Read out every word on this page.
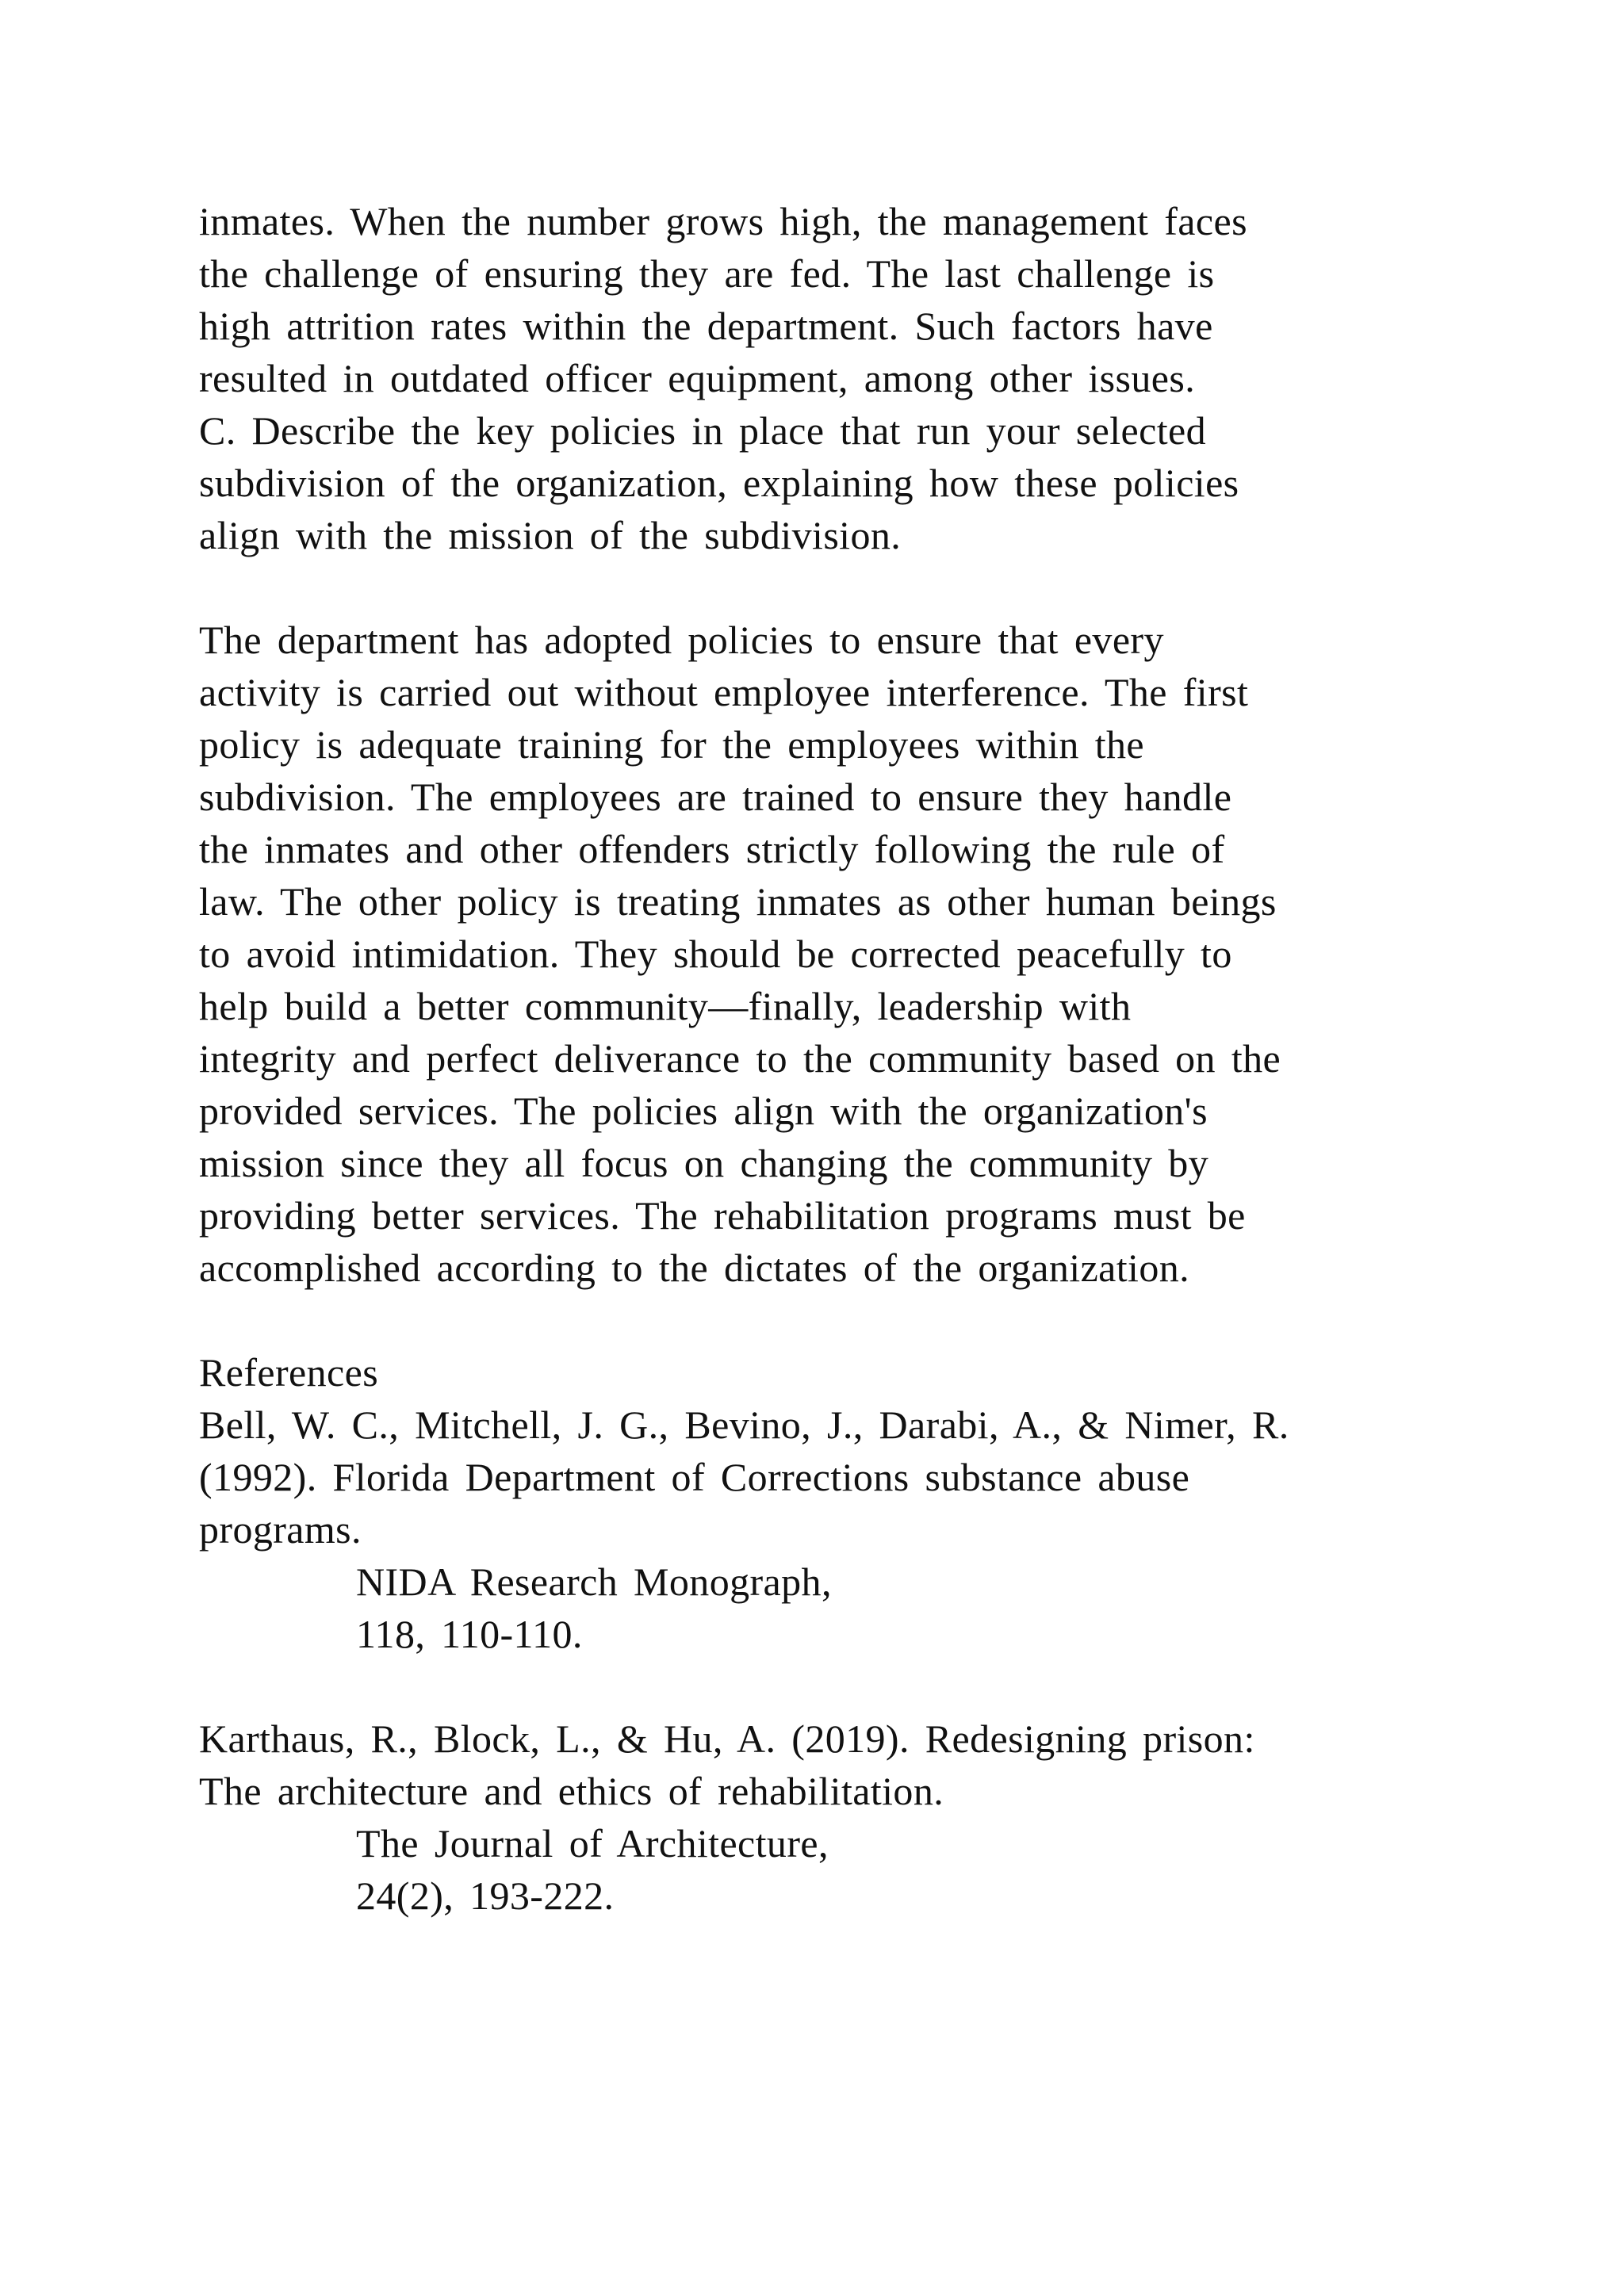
inmates. When the number grows high, the management faces
the challenge of ensuring they are fed. The last challenge is
high attrition rates within the department. Such factors have
resulted in outdated officer equipment, among other issues.
C. Describe the key policies in place that run your selected
subdivision of the organization, explaining how these policies
align with the mission of the subdivision.
The department has adopted policies to ensure that every
activity is carried out without employee interference. The first
policy is adequate training for the employees within the
subdivision. The employees are trained to ensure they handle
the inmates and other offenders strictly following the rule of
law. The other policy is treating inmates as other human beings
to avoid intimidation. They should be corrected peacefully to
help build a better community—finally, leadership with
integrity and perfect deliverance to the community based on the
provided services. The policies align with the organization's
mission since they all focus on changing the community by
providing better services. The rehabilitation programs must be
accomplished according to the dictates of the organization.
References
Bell, W. C., Mitchell, J. G., Bevino, J., Darabi, A., & Nimer, R.
(1992). Florida Department of Corrections substance abuse
programs.
NIDA Research Monograph,
118, 110-110.
Karthaus, R., Block, L., & Hu, A. (2019). Redesigning prison:
The architecture and ethics of rehabilitation.
The Journal of Architecture,
24(2), 193-222.
